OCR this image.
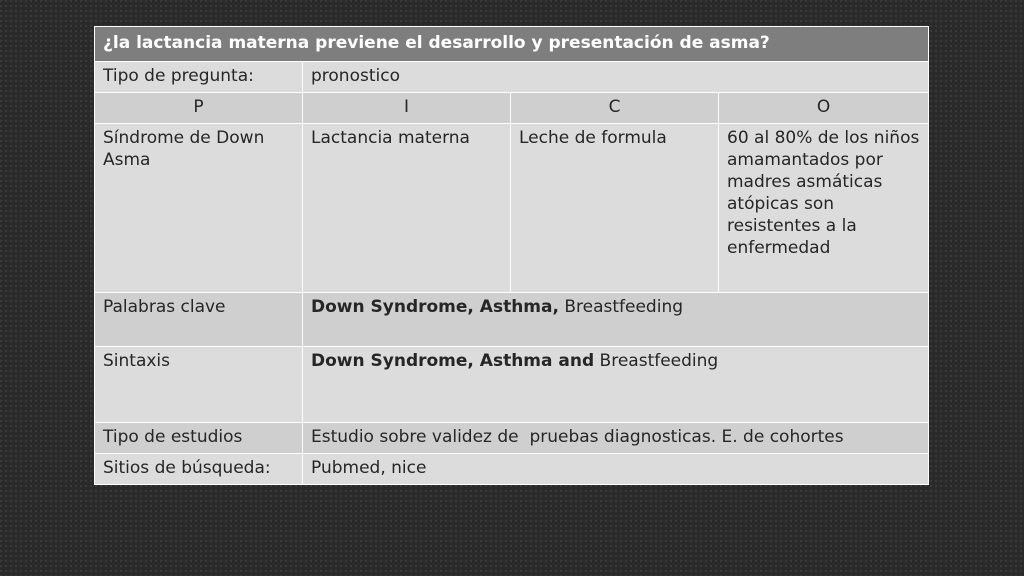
¿la lactancia materna previene el desarrollo y presentación de asma?			
Tipo de pregunta:	pronostico		
P	I	C	O
Síndrome de Down Asma	Lactancia materna	Leche de formula	60 al 80% de los niños amamantados por madres asmáticas atópicas son resistentes a la enfermedad
Palabras clave	Down Syndrome, Asthma, Breastfeeding		
Sintaxis	Down Syndrome, Asthma and Breastfeeding		
Tipo de estudios	Estudio sobre validez de  pruebas diagnosticas. E. de cohortes		
Sitios de búsqueda:	Pubmed, nice		
